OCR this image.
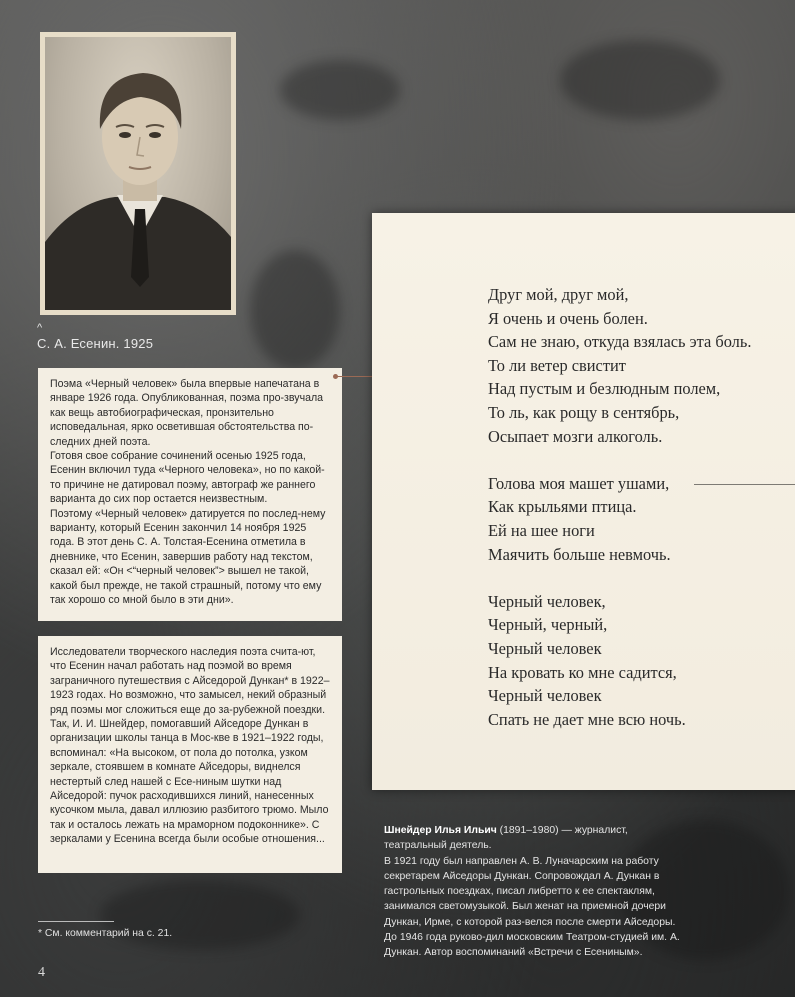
^
С. А. Есенин. 1925

Поэма «Черный человек» была впервые напечатана в январе 1926 года. Опубликованная, поэма про-звучала как вещь автобиографическая, пронзительно исповедальная, ярко осветившая обстоятельства по-следних дней поэта.

Готовя свое собрание сочинений осенью 1925 года, Есенин включил туда «Черного человека», но по какой-то причине не датировал поэму, автограф же раннего варианта до сих пор остается неизвестным.

Поэтому «Черный человек» датируется по послед-нему варианту, который Есенин закончил 14 ноября 1925 года. В этот день С. А. Толстая-Есенина отметила в дневнике, что Есенин, завершив работу над текстом, сказал ей: «Он <“черный человек”> вышел не такой, какой был прежде, не такой страшный, потому что ему так хорошо со мной было в эти дни».

Исследователи творческого наследия поэта счита-ют, что Есенин начал работать над поэмой во время заграничного путешествия с Айседорой Дункан* в 1922–1923 годах. Но возможно, что замысел, некий образный ряд поэмы мог сложиться еще до за-рубежной поездки. Так, И. И. Шнейдер, помогавший Айседоре Дункан в организации школы танца в Мос-кве в 1921–1922 годы, вспоминал: «На высоком, от пола до потолка, узком зеркале, стоявшем в комнате Айседоры, виднелся нестертый след нашей с Есе-ниным шутки над Айседорой: пучок расходившихся линий, нанесенных кусочком мыла, давал иллюзию разбитого трюмо. Мыло так и осталось лежать на мраморном подоконнике». С зеркалами у Есенина всегда были особые отношения...

Друг мой, друг мой,
Я очень и очень болен.
Сам не знаю, откуда взялась эта боль.
То ли ветер свистит
Над пустым и безлюдным полем,
То ль, как рощу в сентябрь,
Осыпает мозги алкоголь.
Голова моя машет ушами,
Как крыльями птица.
Ей на шее ноги
Маячить больше невмочь.
Черный человек,
Черный, черный,
Черный человек
На кровать ко мне садится,
Черный человек
Спать не дает мне всю ночь.

Шнейдер Илья Ильич (1891–1980) — журналист, театральный деятель.

В 1921 году был направлен А. В. Луначарским на работу секретарем Айседоры Дункан. Сопровождал А. Дункан в гастрольных поездках, писал либретто к ее спектаклям, занимался светомузыкой. Был женат на приемной дочери Дункан, Ирме, с которой раз-велся после смерти Айседоры. До 1946 года руково-дил московским Театром-студией им. А. Дункан. Автор воспоминаний «Встречи с Есениным».

* См. комментарий на с. 21.
4
